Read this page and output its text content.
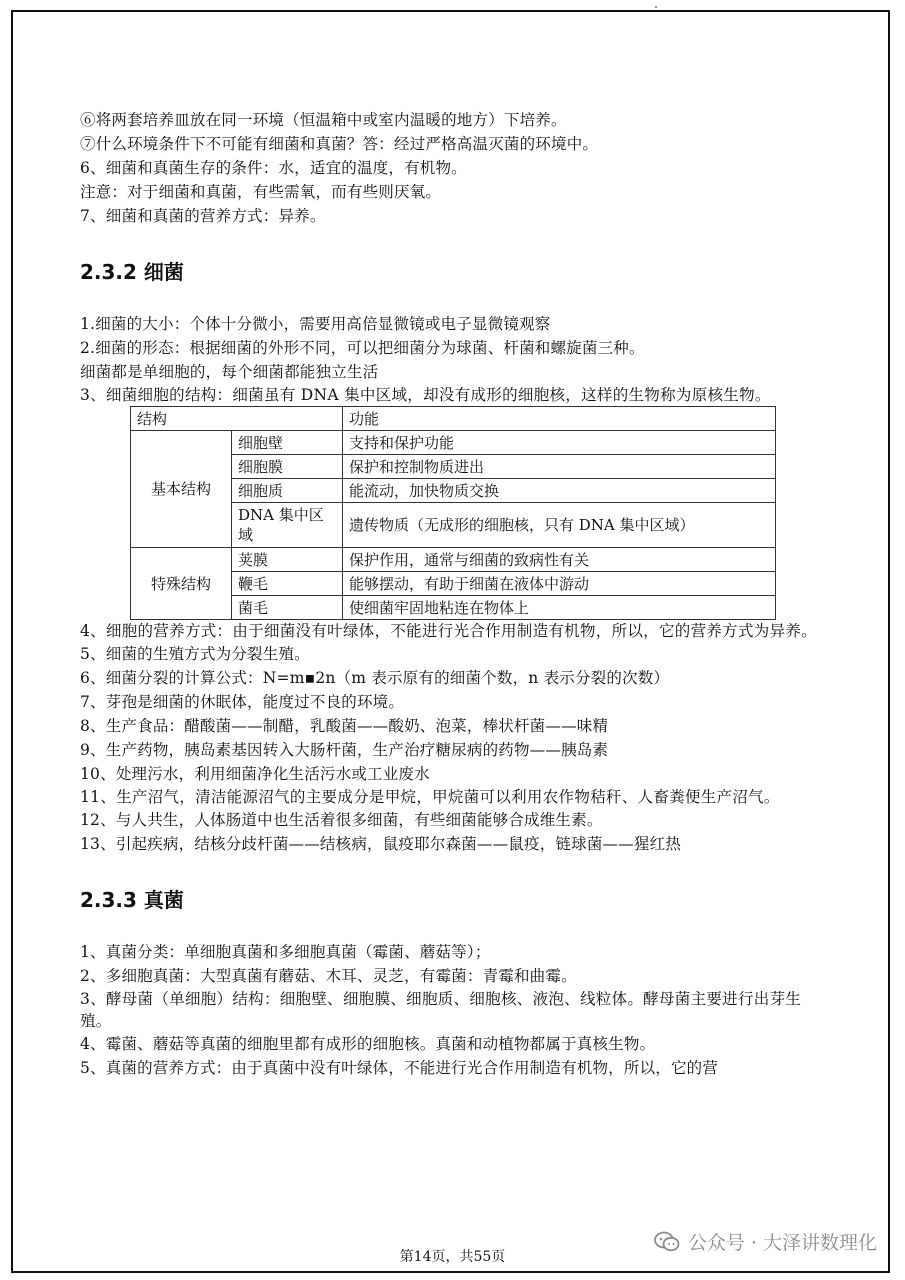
⑥将两套培养皿放在同一环境（恒温箱中或室内温暖的地方）下培养。
⑦什么环境条件下不可能有细菌和真菌？答：经过严格高温灭菌的环境中。
6、细菌和真菌生存的条件：水，适宜的温度，有机物。
注意：对于细菌和真菌，有些需氧，而有些则厌氧。
7、细菌和真菌的营养方式：异养。
2.3.2 细菌
1.细菌的大小：个体十分微小，需要用高倍显微镜或电子显微镜观察
2.细菌的形态：根据细菌的外形不同，可以把细菌分为球菌、杆菌和螺旋菌三种。
细菌都是单细胞的，每个细菌都能独立生活
3、细菌细胞的结构：细菌虽有 DNA 集中区域，却没有成形的细胞核，这样的生物称为原核生物。
结构		功能
基本结构	细胞壁	支持和保护功能
	细胞膜	保护和控制物质进出
	细胞质	能流动，加快物质交换
	DNA 集中区域	遗传物质（无成形的细胞核，只有 DNA 集中区域）
特殊结构	荚膜	保护作用，通常与细菌的致病性有关
	鞭毛	能够摆动，有助于细菌在液体中游动
	菌毛	使细菌牢固地粘连在物体上
4、细胞的营养方式：由于细菌没有叶绿体，不能进行光合作用制造有机物，所以，它的营养方式为异养。
5、细菌的生殖方式为分裂生殖。
6、细菌分裂的计算公式：N=m▪2n（m 表示原有的细菌个数，n 表示分裂的次数）
7、芽孢是细菌的休眠体，能度过不良的环境。
8、生产食品：醋酸菌——制醋，乳酸菌——酸奶、泡菜，棒状杆菌——味精
9、生产药物，胰岛素基因转入大肠杆菌，生产治疗糖尿病的药物——胰岛素
10、处理污水，利用细菌净化生活污水或工业废水
11、生产沼气，清洁能源沼气的主要成分是甲烷，甲烷菌可以利用农作物秸秆、人畜粪便生产沼气。
12、与人共生，人体肠道中也生活着很多细菌，有些细菌能够合成维生素。
13、引起疾病，结核分歧杆菌——结核病，鼠疫耶尔森菌——鼠疫，链球菌——猩红热
2.3.3 真菌
1、真菌分类：单细胞真菌和多细胞真菌（霉菌、蘑菇等）；
2、多细胞真菌：大型真菌有蘑菇、木耳、灵芝，有霉菌：青霉和曲霉。
3、酵母菌（单细胞）结构：细胞壁、细胞膜、细胞质、细胞核、液泡、线粒体。酵母菌主要进行出芽生殖。
4、霉菌、蘑菇等真菌的细胞里都有成形的细胞核。真菌和动植物都属于真核生物。
5、真菌的营养方式：由于真菌中没有叶绿体，不能进行光合作用制造有机物，所以，它的营
公众号 · 大泽讲数理化
第14页，共55页
